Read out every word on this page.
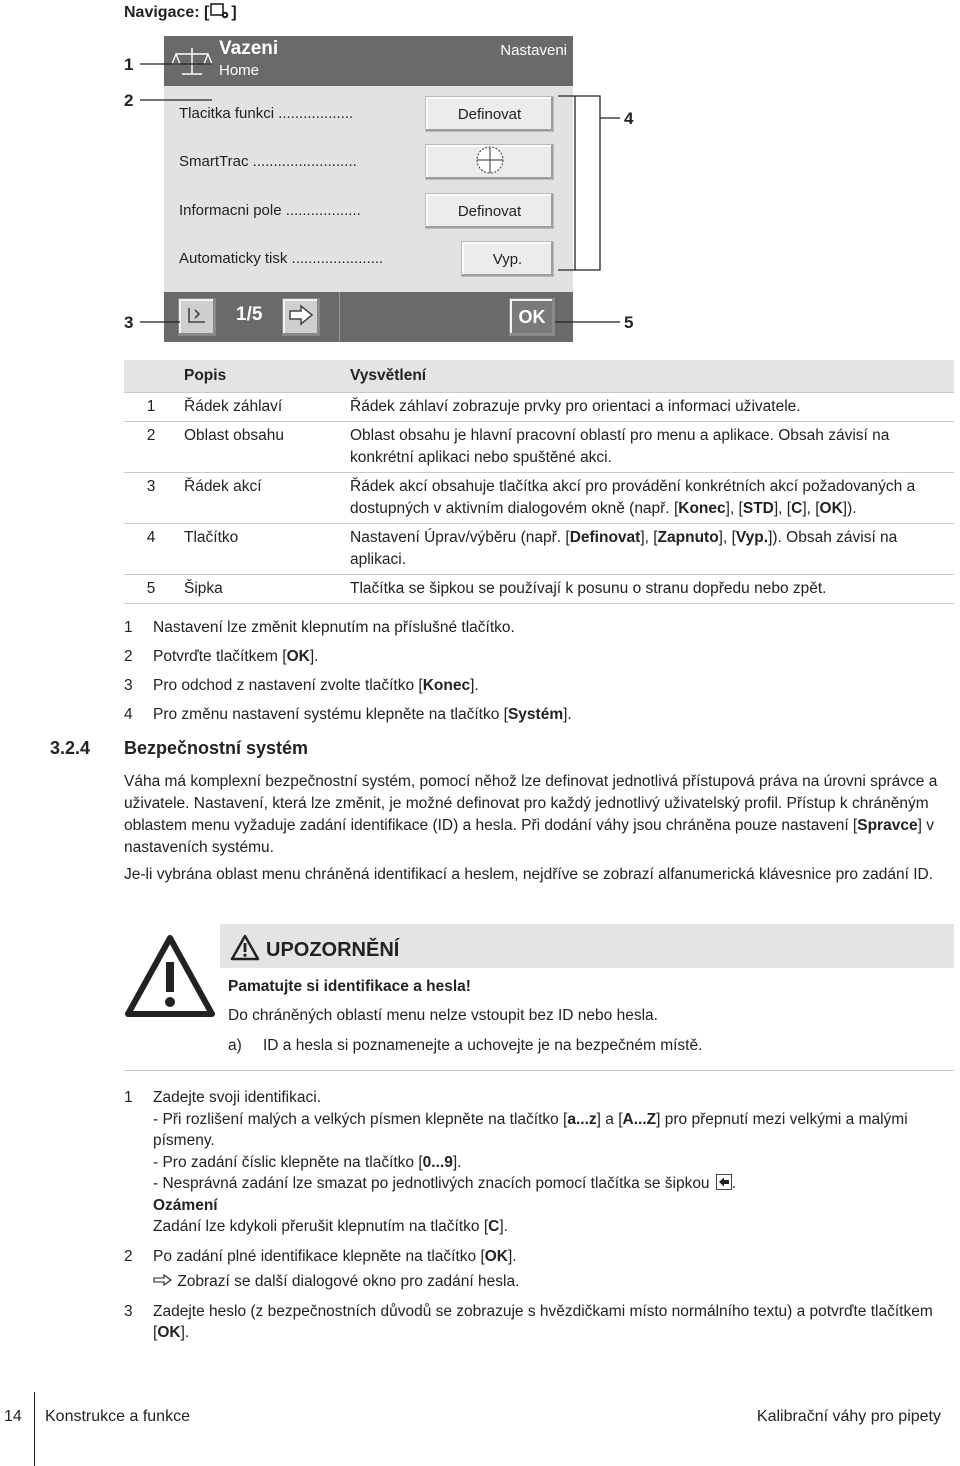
Navigace: [ ]
Vazeni
Home
Nastaveni
Tlacitka funkci ..................	Definovat
SmartTrac .........................
Informacni pole ..................	Definovat
Automaticky tisk ......................	Vyp.
1/5	OK
1
2
3
4
5
	Popis	Vysvětlení
1	Řádek záhlaví	Řádek záhlaví zobrazuje prvky pro orientaci a informaci uživatele.
2	Oblast obsahu	Oblast obsahu je hlavní pracovní oblastí pro menu a aplikace. Obsah závisí na konkrétní aplikaci nebo spuštěné akci.
3	Řádek akcí	Řádek akcí obsahuje tlačítka akcí pro provádění konkrétních akcí požadovaných a dostupných v aktivním dialogovém okně (např. [Konec], [STD], [C], [OK]).
4	Tlačítko	Nastavení Úprav/výběru (např. [Definovat], [Zapnuto], [Vyp.]). Obsah závisí na aplikaci.
5	Šipka	Tlačítka se šipkou se používají k posunu o stranu dopředu nebo zpět.
1 Nastavení lze změnit klepnutím na příslušné tlačítko.
2 Potvrďte tlačítkem [OK].
3 Pro odchod z nastavení zvolte tlačítko [Konec].
4 Pro změnu nastavení systému klepněte na tlačítko [Systém].
3.2.4 Bezpečnostní systém
Váha má komplexní bezpečnostní systém, pomocí něhož lze definovat jednotlivá přístupová práva na úrovni správce a uživatele. Nastavení, která lze změnit, je možné definovat pro každý jednotlivý uživatelský profil. Přístup k chráněným oblastem menu vyžaduje zadání identifikace (ID) a hesla. Při dodání váhy jsou chráněna pouze nastavení [Spravce] v nastaveních systému.
Je-li vybrána oblast menu chráněná identifikací a heslem, nejdříve se zobrazí alfanumerická klávesnice pro zadání ID.
UPOZORNĚNÍ
Pamatujte si identifikace a hesla!
Do chráněných oblastí menu nelze vstoupit bez ID nebo hesla.
a) ID a hesla si poznamenejte a uchovejte je na bezpečném místě.
1 Zadejte svoji identifikaci.
- Při rozlišení malých a velkých písmen klepněte na tlačítko [a...z] a [A...Z] pro přepnutí mezi velkými a malými písmeny.
- Pro zadání číslic klepněte na tlačítko [0...9].
- Nesprávná zadání lze smazat po jednotlivých znacích pomocí tlačítka se šipkou .
Ozámení
Zadání lze kdykoli přerušit klepnutím na tlačítko [C].
2 Po zadání plné identifikace klepněte na tlačítko [OK].
Zobrazí se další dialogové okno pro zadání hesla.
3 Zadejte heslo (z bezpečnostních důvodů se zobrazuje s hvězdičkami místo normálního textu) a potvrďte tlačítkem [OK].
14 Konstrukce a funkce	Kalibrační váhy pro pipety
